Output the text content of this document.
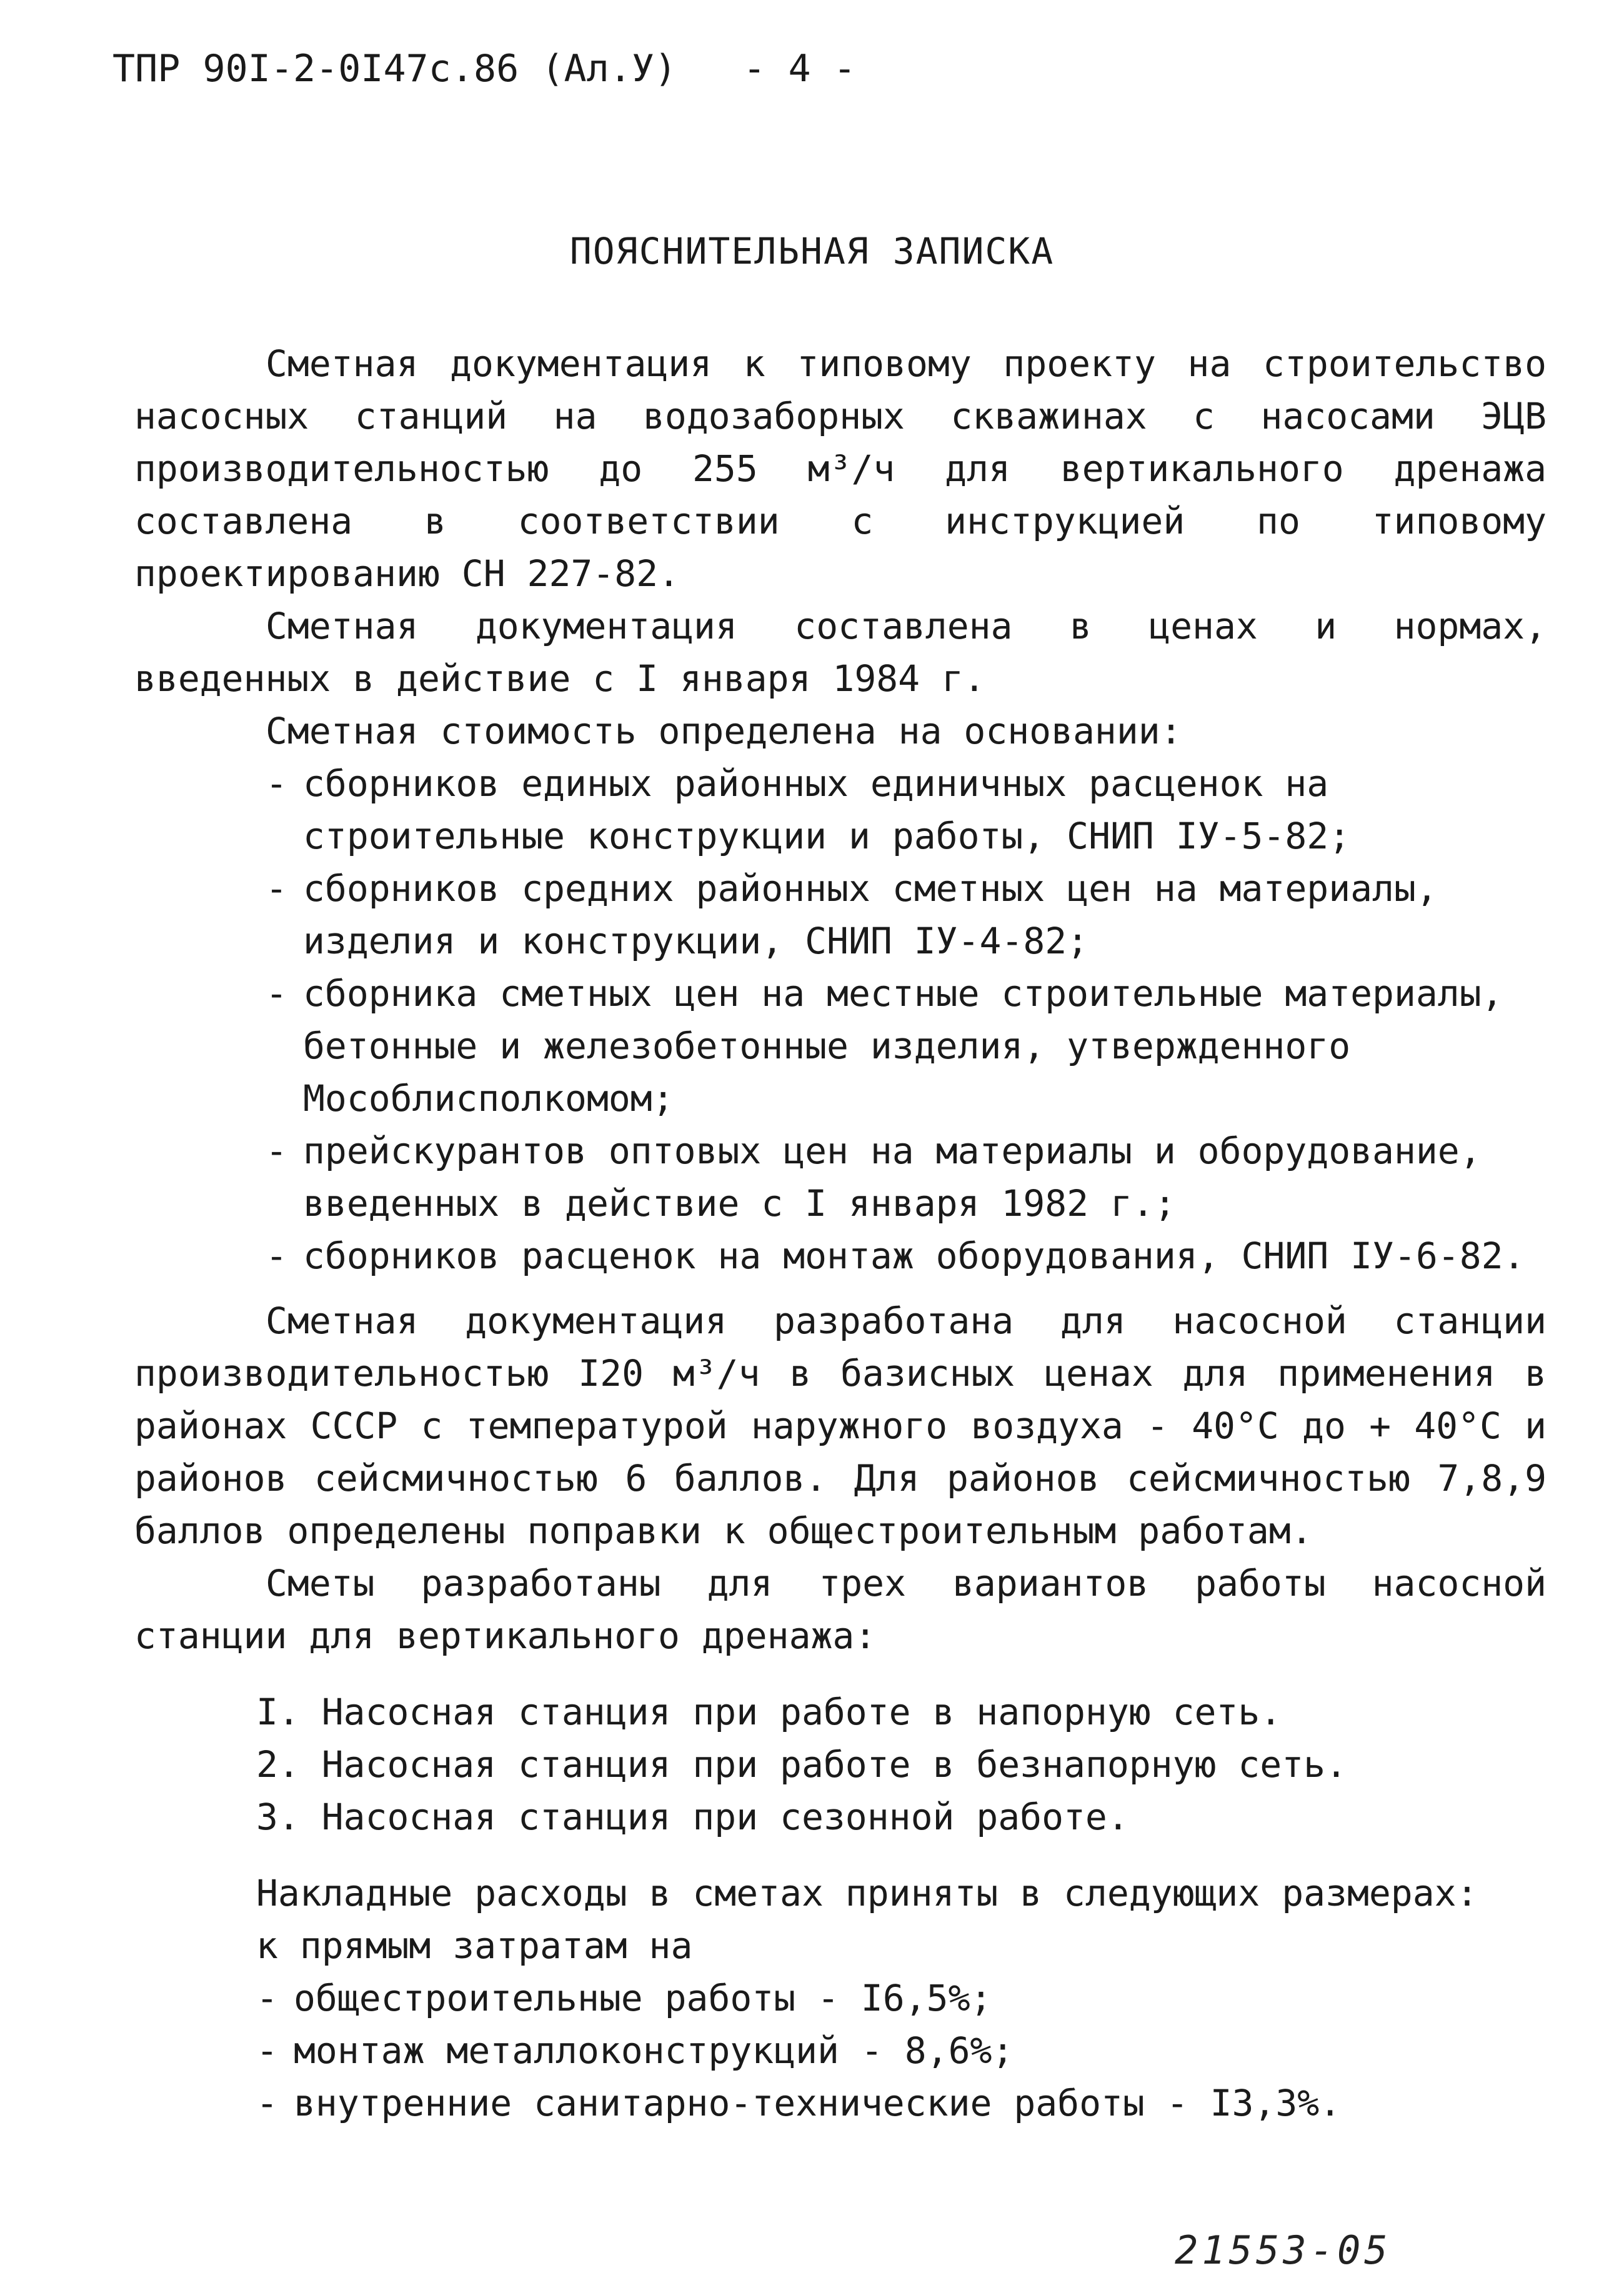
ТПР 90I-2-0I47с.86 (Ал.У) - 4 -
ПОЯСНИТЕЛЬНАЯ ЗАПИСКА

Сметная документация к типовому проекту на строительство насосных станций на водозаборных скважинах с насосами ЭЦВ производительностью до 255 м³/ч для вертикального дренажа составлена в соответствии с инструкцией по типовому проектированию СН 227-82.

Сметная документация составлена в ценах и нормах, введенных в действие с I января 1984 г.

Сметная стоимость определена на основании:

- сборников единых районных единичных расценок на строительные конструкции и работы, СНИП IУ-5-82;
- сборников средних районных сметных цен на материалы, изделия и конструкции, СНИП IУ-4-82;
- сборника сметных цен на местные строительные материалы, бетонные и железобетонные изделия, утвержденного Мособлисполкомом;
- прейскурантов оптовых цен на материалы и оборудование, введенных в действие с I января 1982 г.;
- сборников расценок на монтаж оборудования, СНИП IУ-6-82.

Сметная документация разработана для насосной станции производительностью I20 м³/ч в базисных ценах для применения в районах СССР с температурой наружного воздуха - 40°С до + 40°С и районов сейсмичностью 6 баллов. Для районов сейсмичностью 7,8,9 баллов определены поправки к общестроительным работам.

Сметы разработаны для трех вариантов работы насосной станции для вертикального дренажа:

I. Насосная станция при работе в напорную сеть.
2. Насосная станция при работе в безнапорную сеть.
3. Насосная станция при сезонной работе.

Накладные расходы в сметах приняты в следующих размерах:

к прямым затратам на

- общестроительные работы - I6,5%;
- монтаж металлоконструкций - 8,6%;
- внутренние санитарно-технические работы - I3,3%.
21553-05
